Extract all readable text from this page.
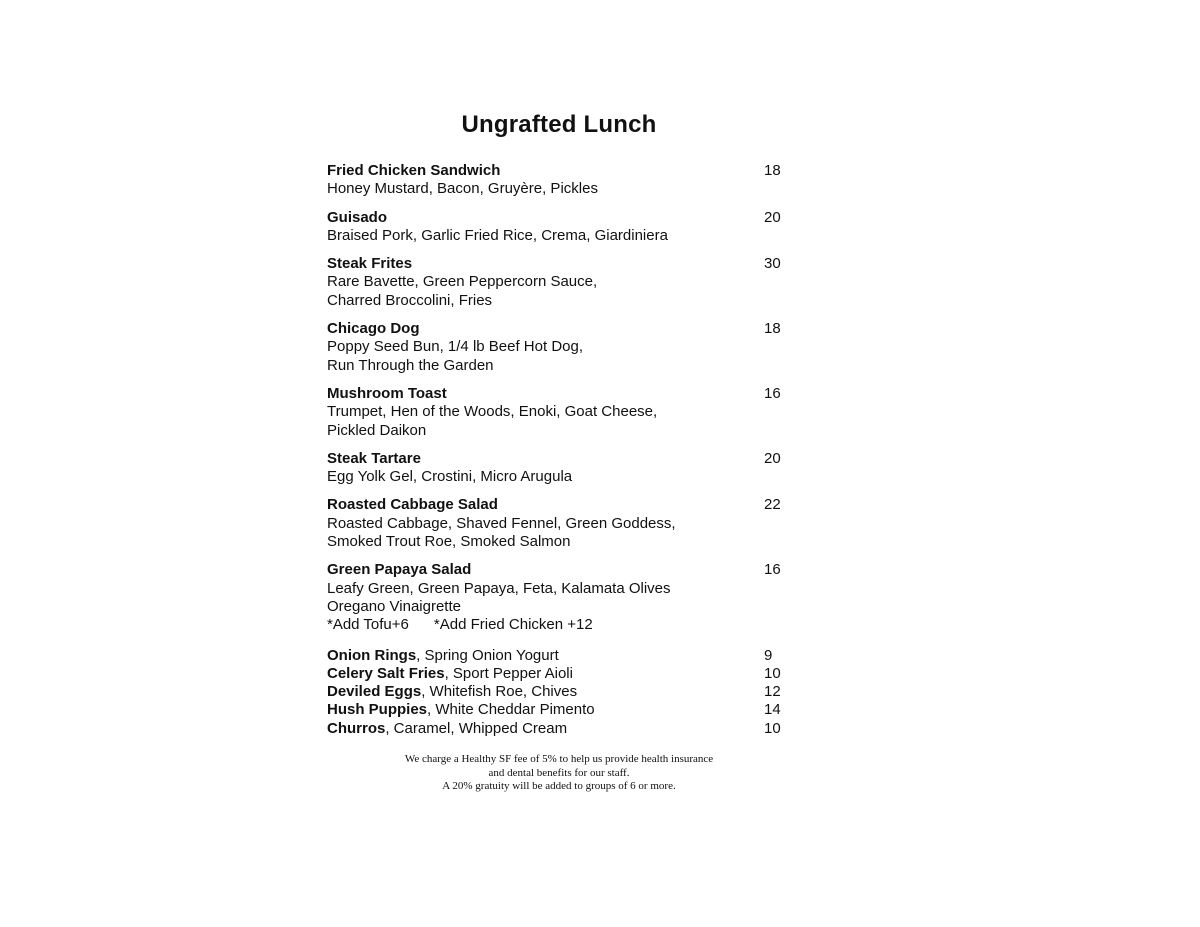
Ungrafted Lunch
Fried Chicken Sandwich	18
Honey Mustard, Bacon, Gruyère, Pickles
Guisado	20
Braised Pork, Garlic Fried Rice, Crema, Giardiniera
Steak Frites	30
Rare Bavette, Green Peppercorn Sauce,
Charred Broccolini, Fries
Chicago Dog	18
Poppy Seed Bun, 1/4 lb Beef Hot Dog,
Run Through the Garden
Mushroom Toast	16
Trumpet, Hen of the Woods, Enoki, Goat Cheese,
Pickled Daikon
Steak Tartare	20
Egg Yolk Gel, Crostini, Micro Arugula
Roasted Cabbage Salad	22
Roasted Cabbage, Shaved Fennel, Green Goddess,
Smoked Trout Roe, Smoked Salmon
Green Papaya Salad	16
Leafy Green, Green Papaya, Feta, Kalamata Olives
Oregano Vinaigrette
*Add Tofu+6      *Add Fried Chicken +12
Onion Rings, Spring Onion Yogurt	9
Celery Salt Fries, Sport Pepper Aioli	10
Deviled Eggs, Whitefish Roe, Chives	12
Hush Puppies, White Cheddar Pimento	14
Churros, Caramel, Whipped Cream	10
We charge a Healthy SF fee of 5% to help us provide health insurance
and dental benefits for our staff.
A 20% gratuity will be added to groups of 6 or more.
